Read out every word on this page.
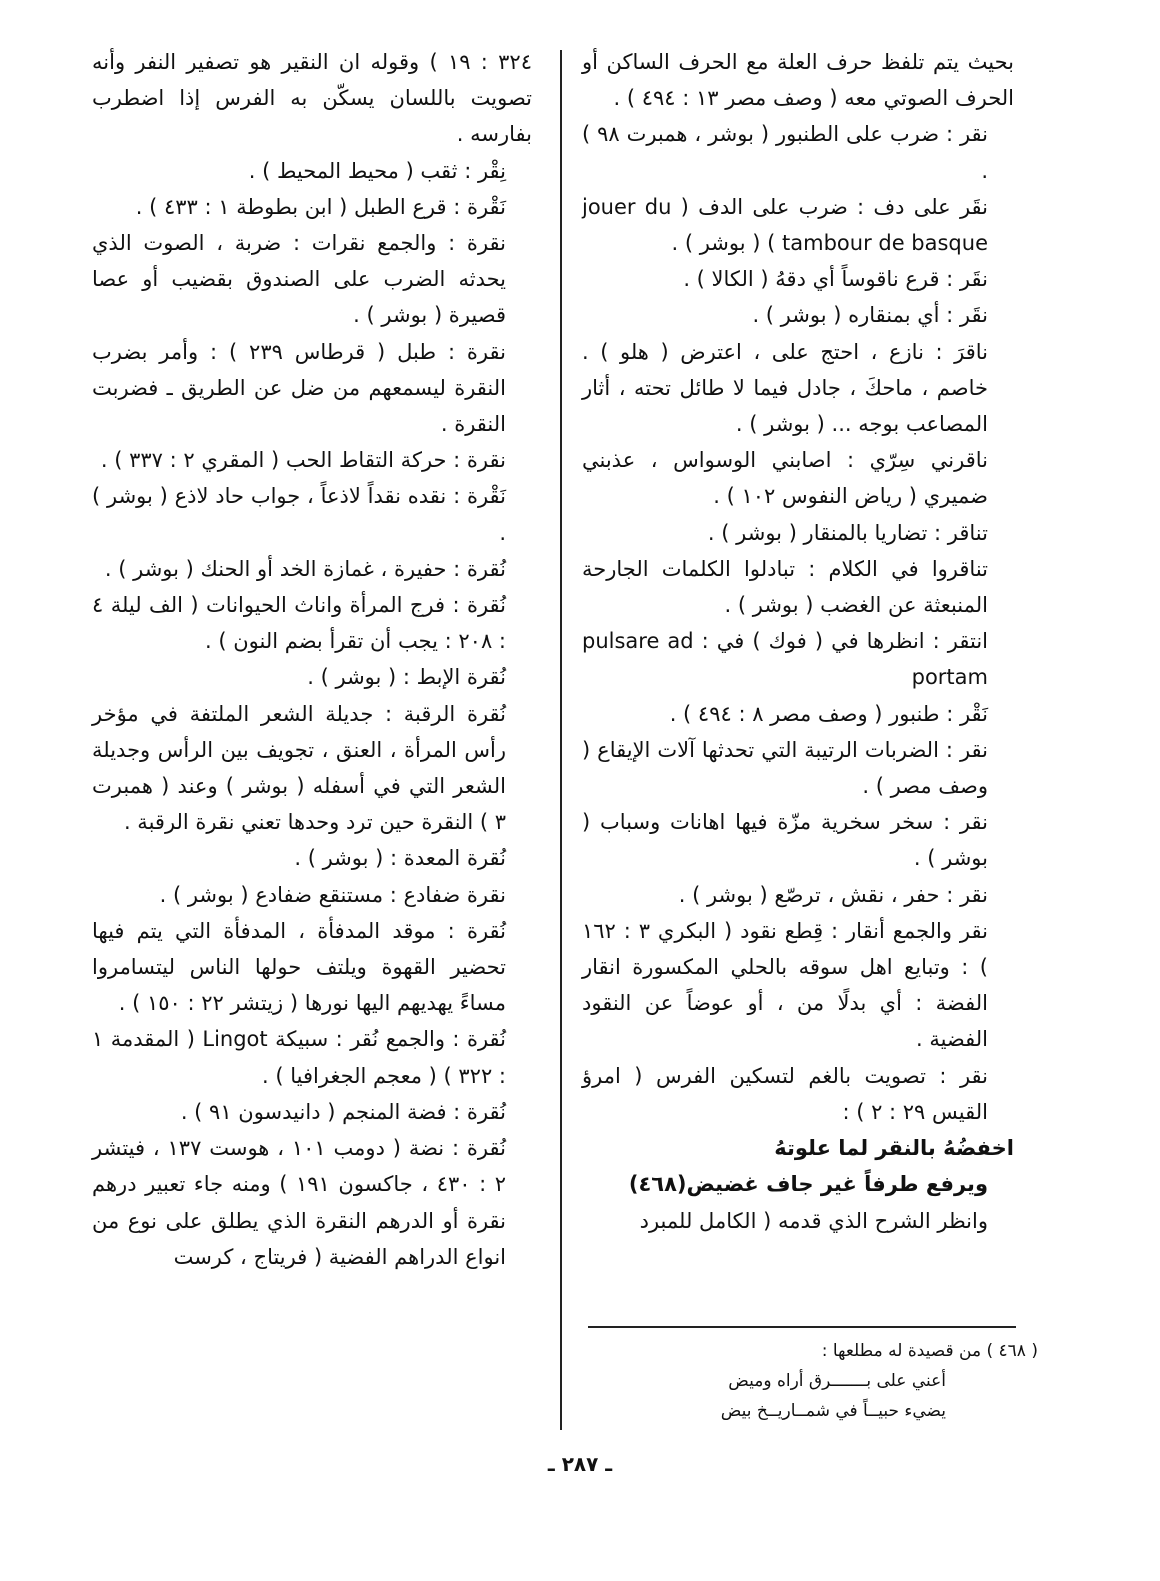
بحيث يتم تلفظ حرف العلة مع الحرف الساكن أو الحرف الصوتي معه ( وصف مصر ١٣ : ٤٩٤ ) .

نقر : ضرب على الطنبور ( بوشر ، همبرت ٩٨ ) .

نقَر على دف : ضرب على الدف ( jouer du tambour de basque ) ( بوشر ) .

نقَر : قرع ناقوساً أي دقهُ ( الكالا ) .

نقَر : أي بمنقاره ( بوشر ) .

ناقرَ : نازع ، احتج على ، اعترض ( هلو ) . خاصم ، ماحكَ ، جادل فيما لا طائل تحته ، أثار المصاعب بوجه ... ( بوشر ) .

ناقرني سِرّي : اصابني الوسواس ، عذبني ضميري ( رياض النفوس ١٠٢ ) .

تناقر : تضاريا بالمنقار ( بوشر ) .

تناقروا في الكلام : تبادلوا الكلمات الجارحة المنبعثة عن الغضب ( بوشر ) .

انتقر : انظرها في ( فوك ) في : pulsare ad portam

نَقْر : طنبور ( وصف مصر ٨ : ٤٩٤ ) .

نقر : الضربات الرتيبة التي تحدثها آلات الإيقاع ( وصف مصر ) .

نقر : سخر سخرية مزّة فيها اهانات وسباب ( بوشر ) .

نقر : حفر ، نقش ، ترصّع ( بوشر ) .

نقر والجمع أنقار : قِطع نقود ( البكري ٣ : ١٦٢ ) : وتبايع اهل سوقه بالحلي المكسورة انقار الفضة : أي بدلًا من ، أو عوضاً عن النقود الفضية .

نقر : تصويت بالغم لتسكين الفرس ( امرؤ القيس ٢٩ : ٢ ) :

اخفضُهُ بالنقر لما علوتهُ

ويرفع طرفاً غير جاف غضيض(٤٦٨)

وانظر الشرح الذي قدمه ( الكامل للمبرد

٣٢٤ : ١٩ ) وقوله ان النقير هو تصفير النفر وأنه تصويت باللسان يسكّن به الفرس إذا اضطرب بفارسه .

نِقْر : ثقب ( محيط المحيط ) .

نَقْرة : قرع الطبل ( ابن بطوطة ١ : ٤٣٣ ) .

نقرة : والجمع نقرات : ضربة ، الصوت الذي يحدثه الضرب على الصندوق بقضيب أو عصا قصيرة ( بوشر ) .

نقرة : طبل ( قرطاس ٢٣٩ ) : وأمر بضرب النقرة ليسمعهم من ضل عن الطريق ـ فضربت النقرة .

نقرة : حركة التقاط الحب ( المقري ٢ : ٣٣٧ ) .

نَقْرة : نقده نقداً لاذعاً ، جواب حاد لاذع ( بوشر ) .

نُقرة : حفيرة ، غمازة الخد أو الحنك ( بوشر ) .

نُقرة : فرج المرأة واناث الحيوانات ( الف ليلة ٤ : ٢٠٨ : يجب أن تقرأ بضم النون ) .

نُقرة الإبط : ( بوشر ) .

نُقرة الرقبة : جديلة الشعر الملتفة في مؤخر رأس المرأة ، العنق ، تجويف بين الرأس وجديلة الشعر التي في أسفله ( بوشر ) وعند ( همبرت ٣ ) النقرة حين ترد وحدها تعني نقرة الرقبة .

نُقرة المعدة : ( بوشر ) .

نقرة ضفادع : مستنقع ضفادع ( بوشر ) .

نُقرة : موقد المدفأة ، المدفأة التي يتم فيها تحضير القهوة ويلتف حولها الناس ليتسامروا مساءً يهديهم اليها نورها ( زيتشر ٢٢ : ١٥٠ ) .

نُقرة : والجمع نُقر : سبيكة Lingot ( المقدمة ١ : ٣٢٢ ) ( معجم الجغرافيا ) .

نُقرة : فضة المنجم ( دانيدسون ٩١ ) .

نُقرة : نضة ( دومب ١٠١ ، هوست ١٣٧ ، فيتشر ٢ : ٤٣٠ ، جاكسون ١٩١ ) ومنه جاء تعبير درهم نقرة أو الدرهم النقرة الذي يطلق على نوع من انواع الدراهم الفضية ( فريتاج ، كرست

( ٤٦٨ ) من قصيدة له مطلعها :

أعني على بـــــــرق أراه وميض

يضيء حبيــاً في شمــاريــخ بيض

ـ ٢٨٧ ـ
